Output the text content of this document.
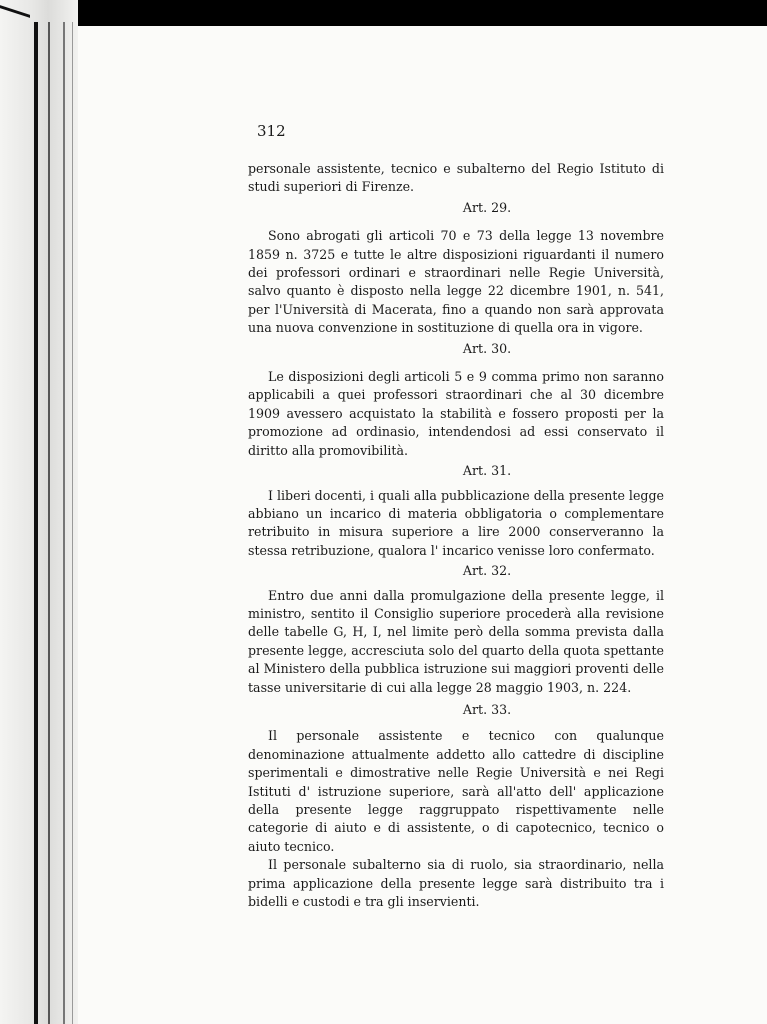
312

personale assistente, tecnico e subalterno del Regio Istituto di studi superiori di Firenze.

Art. 29.

Sono abrogati gli articoli 70 e 73 della legge 13 novembre 1859 n. 3725 e tutte le altre disposizioni riguardanti il numero dei professori ordinari e straordinari nelle Regie Università, salvo quanto è disposto nella legge 22 dicembre 1901, n. 541, per l'Università di Macerata, fino a quando non sarà approvata una nuova convenzione in sostituzione di quella ora in vigore.

Art. 30.

Le disposizioni degli articoli 5 e 9 comma primo non saranno applicabili a quei professori straordinari che al 30 dicembre 1909 avessero acquistato la stabilità e fossero proposti per la promozione ad ordinasio, intendendosi ad essi conservato il diritto alla promovibilità.

Art. 31.

I liberi docenti, i quali alla pubblicazione della presente legge abbiano un incarico di materia obbligatoria o complementare retribuito in misura superiore a lire 2000 conserveranno la stessa retribuzione, qualora l' incarico venisse loro confermato.

Art. 32.

Entro due anni dalla promulgazione della presente legge, il ministro, sentito il Consiglio superiore procederà alla revisione delle tabelle G, H, I, nel limite però della somma prevista dalla presente legge, accresciuta solo del quarto della quota spettante al Ministero della pubblica istruzione sui maggiori proventi delle tasse universitarie di cui alla legge 28 maggio 1903, n. 224.

Art. 33.

Il personale assistente e tecnico con qualunque denominazione attualmente addetto allo cattedre di discipline sperimentali e dimostrative nelle Regie Università e nei Regi Istituti d' istruzione superiore, sarà all'atto dell' applicazione della presente legge raggruppato rispettivamente nelle categorie di aiuto e di assistente, o di capotecnico, tecnico o aiuto tecnico.

Il personale subalterno sia di ruolo, sia straordinario, nella prima applicazione della presente legge sarà distribuito tra i bidelli e custodi e tra gli inservienti.
